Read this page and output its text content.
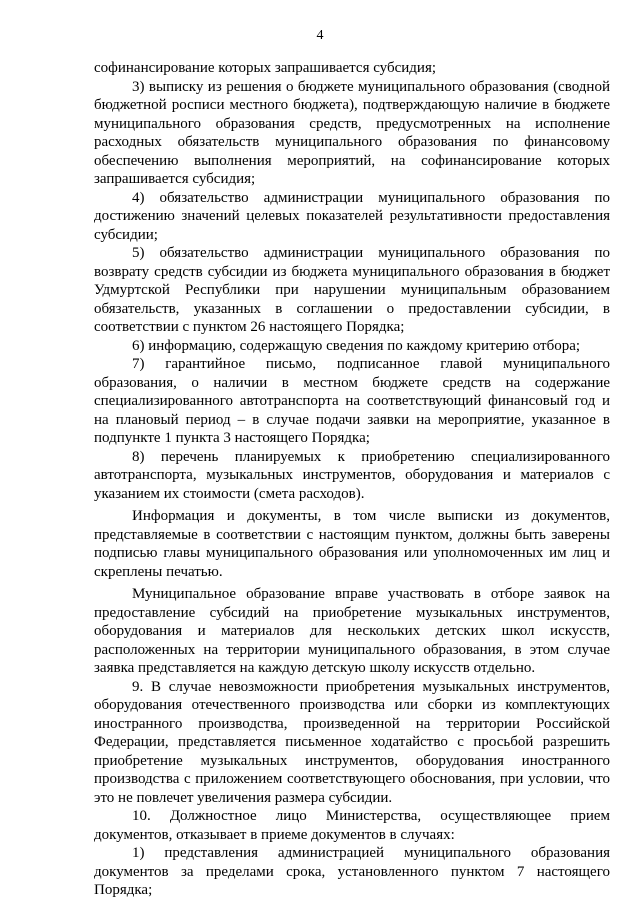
4

софинансирование которых запрашивается субсидия;

3) выписку из решения о бюджете муниципального образования (сводной бюджетной росписи местного бюджета), подтверждающую наличие в бюджете муниципального образования средств, предусмотренных на исполнение расходных обязательств муниципального образования по финансовому обеспечению выполнения мероприятий, на софинансирование которых запрашивается субсидия;

4) обязательство администрации муниципального образования по достижению значений целевых показателей результативности предоставления субсидии;

5) обязательство администрации муниципального образования по возврату средств субсидии из бюджета муниципального образования в бюджет Удмуртской Республики при нарушении муниципальным образованием обязательств, указанных в соглашении о предоставлении субсидии, в соответствии с пунктом 26 настоящего Порядка;

6) информацию, содержащую сведения по каждому критерию отбора;

7) гарантийное письмо, подписанное главой муниципального образования, о наличии в местном бюджете средств на содержание специализированного автотранспорта на соответствующий финансовый год и на плановый период – в случае подачи заявки на мероприятие, указанное в подпункте 1 пункта 3 настоящего Порядка;

8) перечень планируемых к приобретению специализированного автотранспорта, музыкальных инструментов, оборудования и материалов с указанием их стоимости (смета расходов).

Информация и документы, в том числе выписки из документов, представляемые в соответствии с настоящим пунктом, должны быть заверены подписью главы муниципального образования или уполномоченных им лиц и скреплены печатью.

Муниципальное образование вправе участвовать в отборе заявок на предоставление субсидий на приобретение музыкальных инструментов, оборудования и материалов для нескольких детских школ искусств, расположенных на территории муниципального образования, в этом случае заявка представляется на каждую детскую школу искусств отдельно.

9. В случае невозможности приобретения музыкальных инструментов, оборудования отечественного производства или сборки из комплектующих иностранного производства, произведенной на территории Российской Федерации, представляется письменное ходатайство с просьбой разрешить приобретение музыкальных инструментов, оборудования иностранного производства с приложением соответствующего обоснования, при условии, что это не повлечет увеличения размера субсидии.

10. Должностное лицо Министерства, осуществляющее прием документов, отказывает в приеме документов в случаях:

1) представления администрацией муниципального образования документов за пределами срока, установленного пунктом 7 настоящего Порядка;
